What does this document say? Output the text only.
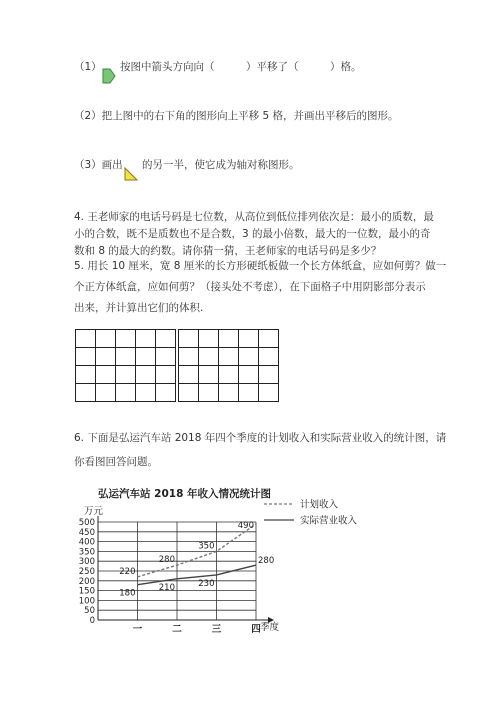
（1） 按图中箭头方向向（　　　）平移了（　　　）格。
（2）把上图中的右下角的图形向上平移 5 格，并画出平移后的图形。
（3）画出 的另一半，使它成为轴对称图形。
4. 王老师家的电话号码是七位数，从高位到低位排列依次是：最小的质数，最
小的合数，既不是质数也不是合数，3 的最小倍数，最大的一位数，最小的奇
数和 8 的最大的约数。请你猜一猜，王老师家的电话号码是多少？
5. 用长 10 厘米，宽 8 厘米的长方形硬纸板做一个长方体纸盒，应如何剪？做一
个正方体纸盒，应如何剪？（接头处不考虑），在下面格子中用阴影部分表示
出来，并计算出它们的体积.

6. 下面是弘运汽车站 2018 年四个季度的计划收入和实际营业收入的统计图，请
你看图回答问题。
弘运汽车站 2018 年收入情况统计图
万元
季度
0
50
100
150
200
250
300
350
400
450
500
一	二	三	四
220
280
350
490
180
210	230
280
计划收入
实际营业收入
